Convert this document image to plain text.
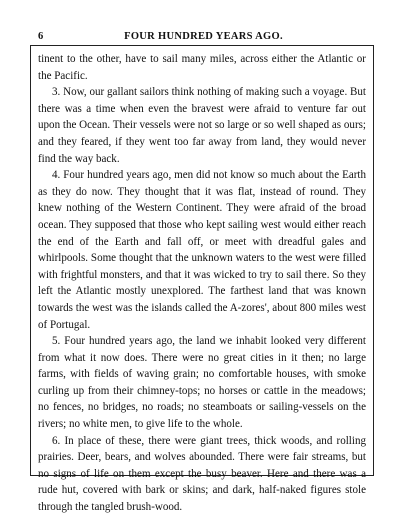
6	FOUR HUNDRED YEARS AGO.

tinent to the other, have to sail many miles, across either the Atlantic or the Pacific.

3. Now, our gallant sailors think nothing of making such a voyage. But there was a time when even the bravest were afraid to venture far out upon the Ocean. Their vessels were not so large or so well shaped as ours; and they feared, if they went too far away from land, they would never find the way back.

4. Four hundred years ago, men did not know so much about the Earth as they do now. They thought that it was flat, instead of round. They knew nothing of the Western Continent. They were afraid of the broad ocean. They supposed that those who kept sailing west would either reach the end of the Earth and fall off, or meet with dreadful gales and whirlpools. Some thought that the unknown waters to the west were filled with frightful monsters, and that it was wicked to try to sail there. So they left the Atlantic mostly unexplored. The farthest land that was known towards the west was the islands called the A-zores', about 800 miles west of Portugal.

5. Four hundred years ago, the land we inhabit looked very different from what it now does. There were no great cities in it then; no large farms, with fields of waving grain; no comfortable houses, with smoke curling up from their chimney-tops; no horses or cattle in the meadows; no fences, no bridges, no roads; no steamboats or sailing-vessels on the rivers; no white men, to give life to the whole.

6. In place of these, there were giant trees, thick woods, and rolling prairies. Deer, bears, and wolves abounded. There were fair streams, but no signs of life on them except the busy beaver. Here and there was a rude hut, covered with bark or skins; and dark, half-naked figures stole through the tangled brush-wood.
